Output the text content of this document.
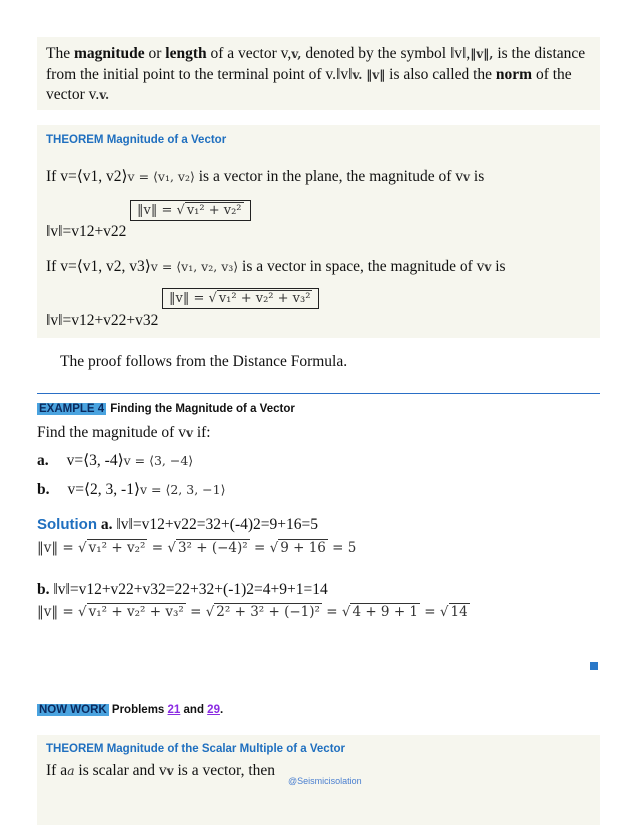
The magnitude or length of a vector v,v, denoted by the symbol ‖v‖,‖v‖, is the distance
from the initial point to the terminal point of v.‖v‖v. ‖v‖ is also called the norm of the
vector v.v.
THEOREM Magnitude of a Vector
If v=⟨v1, v2⟩v = ⟨v₁, v₂⟩ is a vector in the plane, the magnitude of vv is
‖v‖=v12+v22
‖v‖ = √ v₁² + v₂²
If v=⟨v1, v2, v3⟩v = ⟨v₁, v₂, v₃⟩ is a vector in space, the magnitude of vv is
‖v‖=v12+v22+v32
‖v‖ = √ v₁² + v₂² + v₃²
The proof follows from the Distance Formula.
EXAMPLE 4 Finding the Magnitude of a Vector
Find the magnitude of vv if:
a. v=⟨3, -4⟩v = ⟨3, −4⟩
b. v=⟨2, 3, -1⟩v = ⟨2, 3, −1⟩
Solution a. ‖v‖=v12+v22=32+(-4)2=9+16=5
‖v‖ = √ v₁² + v₂² = √ 3² + (−4)² = √ 9 + 16 = 5
b. ‖v‖=v12+v22+v32=22+32+(-1)2=4+9+1=14
‖v‖ = √ v₁² + v₂² + v₃² = √ 2² + 3² + (−1)² = √ 4 + 9 + 1 = √ 14
NOW WORK Problems 21 and 29.
THEOREM Magnitude of the Scalar Multiple of a Vector
If aa is scalar and vv is a vector, then
@Seismicisolation
